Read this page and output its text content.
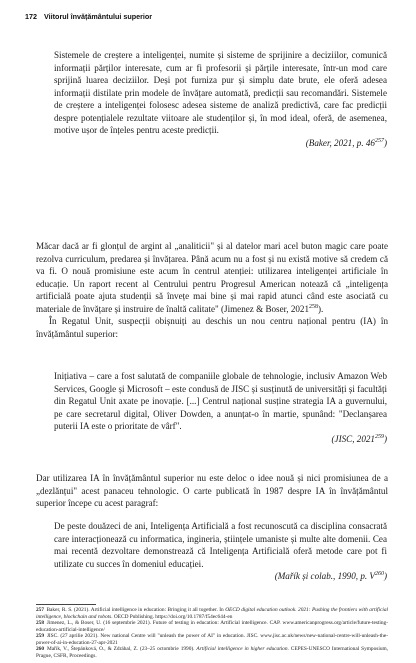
172 Viitorul învățământului superior

Sistemele de creștere a inteligenței, numite și sisteme de sprijinire a deciziilor, comunică informații părților interesate, cum ar fi profesorii și părțile interesate, într-un mod care sprijină luarea deciziilor. Deși pot furniza pur și simplu date brute, ele oferă adesea informații distilate prin modele de învățare automată, predicții sau recomandări. Sistemele de creștere a inteligenței folosesc adesea sisteme de analiză predictivă, care fac predicții despre potențialele rezultate viitoare ale studenților și, în mod ideal, oferă, de asemenea, motive ușor de înțeles pentru aceste predicții.

(Baker, 2021, p. $46^{257}$)

Măcar dacă ar fi glonțul de argint al „analiticii" și al datelor mari acel buton magic care poate rezolva curriculum, predarea și învățarea. Până acum nu a fost și nu există motive să credem că va fi. O nouă promisiune este acum în centrul atenției: utilizarea inteligenței artificiale în educație. Un raport recent al Centrului pentru Progresul American notează că „inteligența artificială poate ajuta studenții să învețe mai bine și mai rapid atunci când este asociată cu materiale de învățare și instruire de înaltă calitate" (Jimenez & Boser, 2021$^{258}$).

În Regatul Unit, suspecții obișnuiți au deschis un nou centru național pentru (IA) în învățământul superior:

Inițiativa – care a fost salutată de companiile globale de tehnologie, inclusiv Amazon Web Services, Google și Microsoft – este condusă de JISC și susținută de universități și facultăți din Regatul Unit axate pe inovație. [...] Centrul național susține strategia IA a guvernului, pe care secretarul digital, Oliver Dowden, a anunțat-o în martie, spunând: "Declanșarea puterii IA este o prioritate de vârf".

(JISC, 2021$^{259}$)

Dar utilizarea IA în învățământul superior nu este deloc o idee nouă și nici promisiunea de a „dezlănțui" acest panaceu tehnologic. O carte publicată în 1987 despre IA în învățământul superior începe cu acest paragraf:

De peste douăzeci de ani, Inteligența Artificială a fost recunoscută ca disciplina consacrată care interacționează cu informatica, ingineria, științele umaniste și multe alte domenii. Cea mai recentă dezvoltare demonstrează că Inteligența Artificială oferă metode care pot fi utilizate cu succes în domeniul educației.

(Mařík și colab., 1990, p. $V^{260}$)

257 Baker, R. S. (2021). Artificial intelligence in education: Bringing it all together. In OECD digital education outlook. 2021: Pushing the frontiers with artificial intelligence, blockchain and robots. OECD Publishing. https://doi.org/10.1787/f54ec644-en

258 Jimenez, L., & Boser, U. (16 septembrie 2021). Future of testing in education: Artificial intelligence. CAP. www.americanprogress.org/article/future-testing-education-artificial-intelligence/

259 JISC. (27 aprilie 2021). New national Centre will "unleash the power of AI" in education. JISC. www.jisc.ac.uk/news/new-national-centre-will-unleash-the-power-of-ai-in-education-27-apr-2021

260 Mařík, V., Štepánková, O., & Zdráhal, Z. (23–25 octombrie 1990). Artificial intelligence in higher education. CEPES-UNESCO International Symposium, Prague, CSFR, Proceedings.
